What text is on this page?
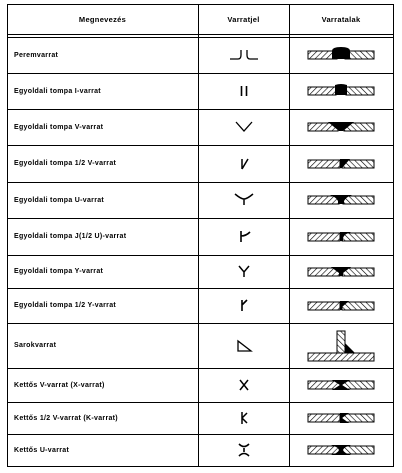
Megnevezés	Varratjel	Varratalak
Peremvarrat
Egyoldali tompa I-varrat
Egyoldali tompa V-varrat
Egyoldali tompa 1/2 V-varrat
Egyoldali tompa U-varrat
Egyoldali tompa J(1/2 U)-varrat
Egyoldali tompa Y-varrat
Egyoldali tompa 1/2 Y-varrat
Sarokvarrat
Kettős V-varrat (X-varrat)
Kettős 1/2 V-varrat (K-varrat)
Kettős U-varrat
